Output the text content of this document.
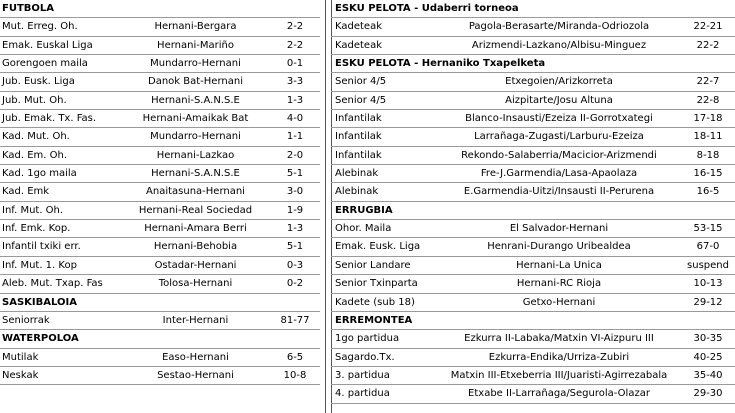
FUTBOLA
Mut. Erreg. Oh.	Hernani-Bergara	2-2
Emak. Euskal Liga	Hernani-Mariño	2-2
Gorengoen maila	Mundarro-Hernani	0-1
Jub. Eusk. Liga	Danok Bat-Hernani	3-3
Jub. Mut. Oh.	Hernani-S.A.N.S.E	1-3
Jub. Emak. Tx. Fas.	Hernani-Amaikak Bat	4-0
Kad. Mut. Oh.	Mundarro-Hernani	1-1
Kad. Em. Oh.	Hernani-Lazkao	2-0
Kad. 1go maila	Hernani-S.A.N.S.E	5-1
Kad. Emk	Anaitasuna-Hernani	3-0
Inf. Mut. Oh.	Hernani-Real Sociedad	1-9
Inf. Emk. Kop.	Hernani-Amara Berri	1-3
Infantil txiki err.	Hernani-Behobia	5-1
Inf. Mut. 1. Kop	Ostadar-Hernani	0-3
Aleb. Mut. Txap. Fas	Tolosa-Hernani	0-2
SASKIBALOIA
Seniorrak	Inter-Hernani	81-77
WATERPOLOA
Mutilak	Easo-Hernani	6-5
Neskak	Sestao-Hernani	10-8
ESKU PELOTA - Udaberri torneoa
Kadeteak	Pagola-Berasarte/Miranda-Odriozola	22-21
Kadeteak	Arizmendi-Lazkano/Albisu-Minguez	22-2
ESKU PELOTA - Hernaniko Txapelketa
Senior 4/5	Etxegoien/Arizkorreta	22-7
Senior 4/5	Aizpitarte/Josu Altuna	22-8
Infantilak	Blanco-Insausti/Ezeiza II-Gorrotxategi	17-18
Infantilak	Larrañaga-Zugasti/Larburu-Ezeiza	18-11
Infantilak	Rekondo-Salaberria/Macicior-Arizmendi	8-18
Alebinak	Fre-J.Garmendia/Lasa-Apaolaza	16-15
Alebinak	E.Garmendia-Uitzi/Insausti II-Perurena	16-5
ERRUGBIA
Ohor. Maila	El Salvador-Hernani	53-15
Emak. Eusk. Liga	Henrani-Durango Uribealdea	67-0
Senior Landare	Hernani-La Unica	suspend
Senior Txinparta	Hernani-RC Rioja	10-13
Kadete (sub 18)	Getxo-Hernani	29-12
ERREMONTEA
1go partidua	Ezkurra II-Labaka/Matxin VI-Aizpuru III	30-35
Sagardo.Tx.	Ezkurra-Endika/Urriza-Zubiri	40-25
3. partidua	Matxin III-Etxeberria III/Juaristi-Agirrezabala	35-40
4. partidua	Etxabe II-Larrañaga/Segurola-Olazar	29-30
